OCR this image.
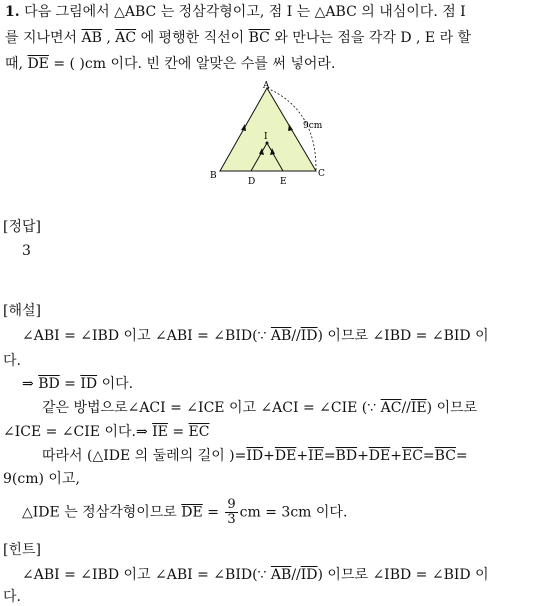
1. 다음 그림에서 △ABC 는 정삼각형이고, 점 I 는 △ABC 의 내심이다. 점 I
를 지나면서 $\overline{AB}$ , $\overline{AC}$ 에 평행한 직선이 $\overline{BC}$ 와 만나는 점을 각각 D , E 라 할
때, $\overline{DE}$ = ( )cm 이다. 빈 칸에 알맞은 수를 써 넣어라.
A
B	C
D	E
I
9cm
[정답]
3
[해설]
∠ABI = ∠IBD 이고 ∠ABI = ∠BID(∵ $\overline{AB}//\overline{ID}$) 이므로 ∠IBD = ∠BID 이
다.
⇒ $\overline{BD} = \overline{ID}$ 이다.
같은 방법으로∠ACI = ∠ICE 이고 ∠ACI = ∠CIE (∵ $\overline{AC}//\overline{IE}$) 이므로
∠ICE = ∠CIE 이다.⇒ $\overline{IE} = \overline{EC}$
따라서 (△IDE 의 둘레의 길이 )$=\overline{ID}+\overline{DE}+\overline{IE}=\overline{BD}+\overline{DE}+\overline{EC}=\overline{BC}=$
9(cm) 이고,
△IDE 는 정삼각형이므로 $\overline{DE} = \frac{9}{3}$ cm = 3cm 이다.
[힌트]
∠ABI = ∠IBD 이고 ∠ABI = ∠BID(∵ $\overline{AB}//\overline{ID}$) 이므로 ∠IBD = ∠BID 이
다.
